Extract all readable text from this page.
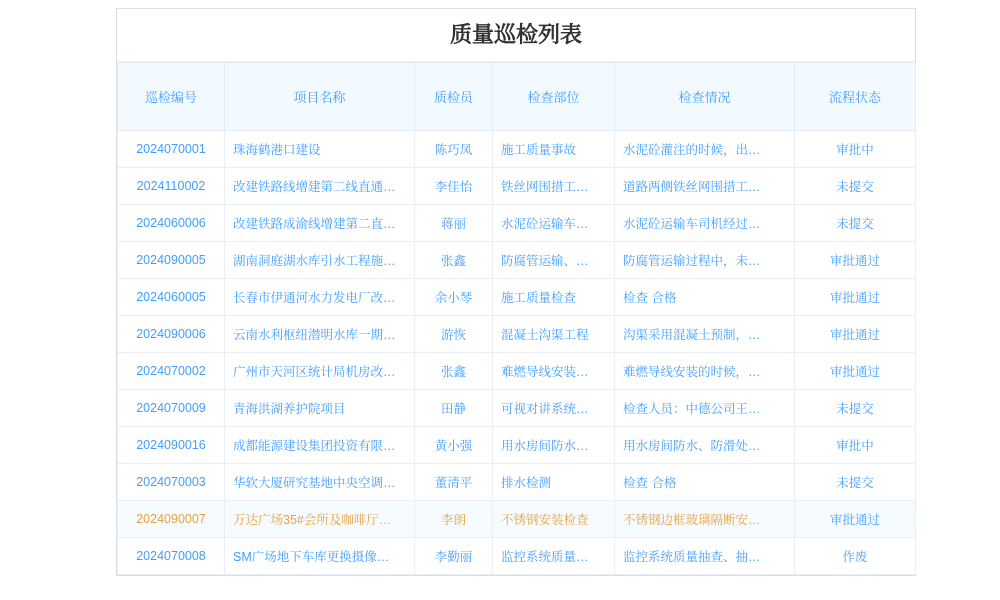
质量巡检列表
巡检编号	项目名称	质检员	检查部位	检查情况	流程状态
2024070001	珠海鹤港口建设	陈巧凤	施工质量事故	水泥砼灌注的时候，出…	审批中
2024110002	改建铁路线增建第二线直通…	李佳怡	铁丝网围措工…	道路两侧铁丝网围措工…	未提交
2024060006	改建铁路成渝线增建第二直…	蒋丽	水泥砼运输车…	水泥砼运输车司机经过…	未提交
2024090005	湖南洞庭湖水库引水工程施…	张鑫	防腐管运输、…	防腐管运输过程中，未…	审批通过
2024060005	长春市伊通河水力发电厂改…	余小琴	施工质量检查	检查 合格	审批通过
2024090006	云南水利枢纽潜明水库一期…	游恢	混凝土沟渠工程	沟渠采用混凝土预制，…	审批通过
2024070002	广州市天河区统计局机房改…	张鑫	难燃导线安装…	难燃导线安装的时候，…	审批通过
2024070009	青海洪湖养护院项目	田静	可视对讲系统…	检查人员：中德公司王…	未提交
2024090016	成都能源建设集团投资有限…	黄小强	用水房间防水…	用水房间防水、防滑处…	审批中
2024070003	华软大厦研究基地中央空调…	董清平	排水检测	检查 合格	未提交
2024090007	万达广场35#会所及咖啡厅…	李朗	不锈钢安装检查	不锈钢边框玻璃隔断安…	审批通过
2024070008	SM广场地下车库更换摄像…	李勤丽	监控系统质量…	监控系统质量抽查、抽…	作废
